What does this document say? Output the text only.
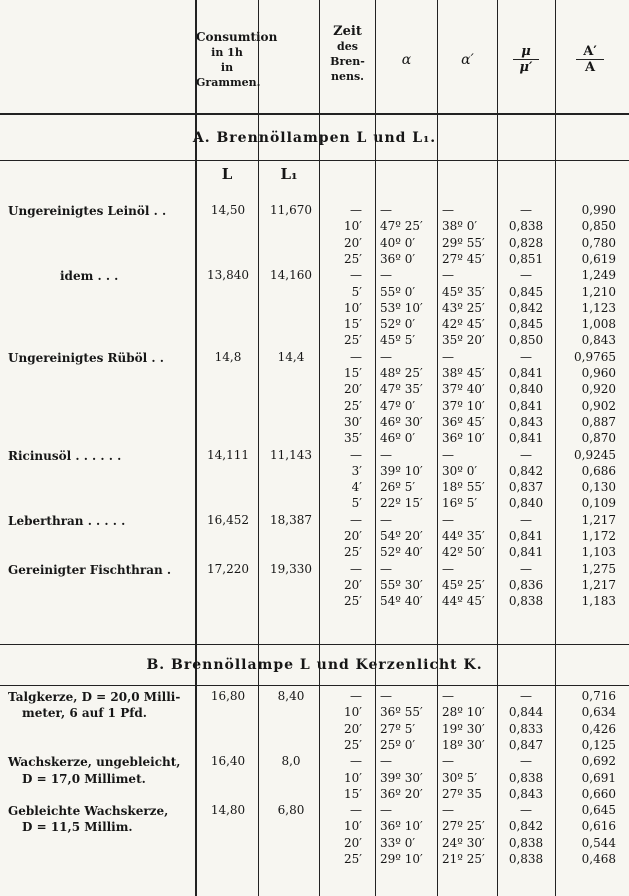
Consumtion
in 1h
in Grammen.
Zeit
des
Bren-
nens.
α	α′	$\frac{\mu}{\mu'}$	$\frac{A'}{A}$
A. Brennöllampen L und L₁.
L	L₁
B. Brennöllampe L und Kerzenlicht K.
Ungereinigtes Leinöl . .	14,50	11,670	— —	—	—	0,990
10′ 47º 25′	38º 0′	0,838	0,850
20′ 40º 0′	29º 55′	0,828	0,780
25′ 36º 0′	27º 45′	0,851	0,619
idem . . .	13,840	14,160	— —	—	—	1,249
5′ 55º 0′	45º 35′	0,845	1,210
10′ 53º 10′	43º 25′	0,842	1,123
15′ 52º 0′	42º 45′	0,845	1,008
25′ 45º 5′	35º 20′	0,850	0,843
Ungereinigtes Rüböl . .	14,8	14,4	— —	—	—	0,9765
15′ 48º 25′	38º 45′	0,841	0,960
20′ 47º 35′	37º 40′	0,840	0,920
25′ 47º 0′	37º 10′	0,841	0,902
30′ 46º 30′	36º 45′	0,843	0,887
35′ 46º 0′	36º 10′	0,841	0,870
Ricinusöl . . . . . .	14,111	11,143	— —	—	—	0,9245
3′ 39º 10′	30º 0′	0,842	0,686
4′ 26º 5′	18º 55′	0,837	0,130
5′ 22º 15′	16º 5′	0,840	0,109
Leberthran . . . . .	16,452	18,387	— —	—	—	1,217
20′ 54º 20′	44º 35′	0,841	1,172
25′ 52º 40′	42º 50′	0,841	1,103
Gereinigter Fischthran .	17,220	19,330	— —	—	—	1,275
20′ 55º 30′	45º 25′	0,836	1,217
25′ 54º 40′	44º 45′	0,838	1,183
Talgkerze, D = 20,0 Milli-
meter, 6 auf 1 Pfd.
16,80	8,40	— —	—	—	0,716
10′ 36º 55′	28º 10′	0,844	0,634
20′ 27º 5′	19º 30′	0,833	0,426
25′ 25º 0′	18º 30′	0,847	0,125
Wachskerze, ungebleicht,
D = 17,0 Millimet.
16,40	8,0	— —	—	—	0,692
10′ 39º 30′	30º 5′	0,838	0,691
15′ 36º 20′	27º 35	0,843	0,660
Gebleichte Wachskerze,
D = 11,5 Millim.
14,80	6,80	— —	—	—	0,645
10′ 36º 10′	27º 25′	0,842	0,616
20′ 33º 0′	24º 30′	0,838	0,544
25′ 29º 10′	21º 25′	0,838	0,468
